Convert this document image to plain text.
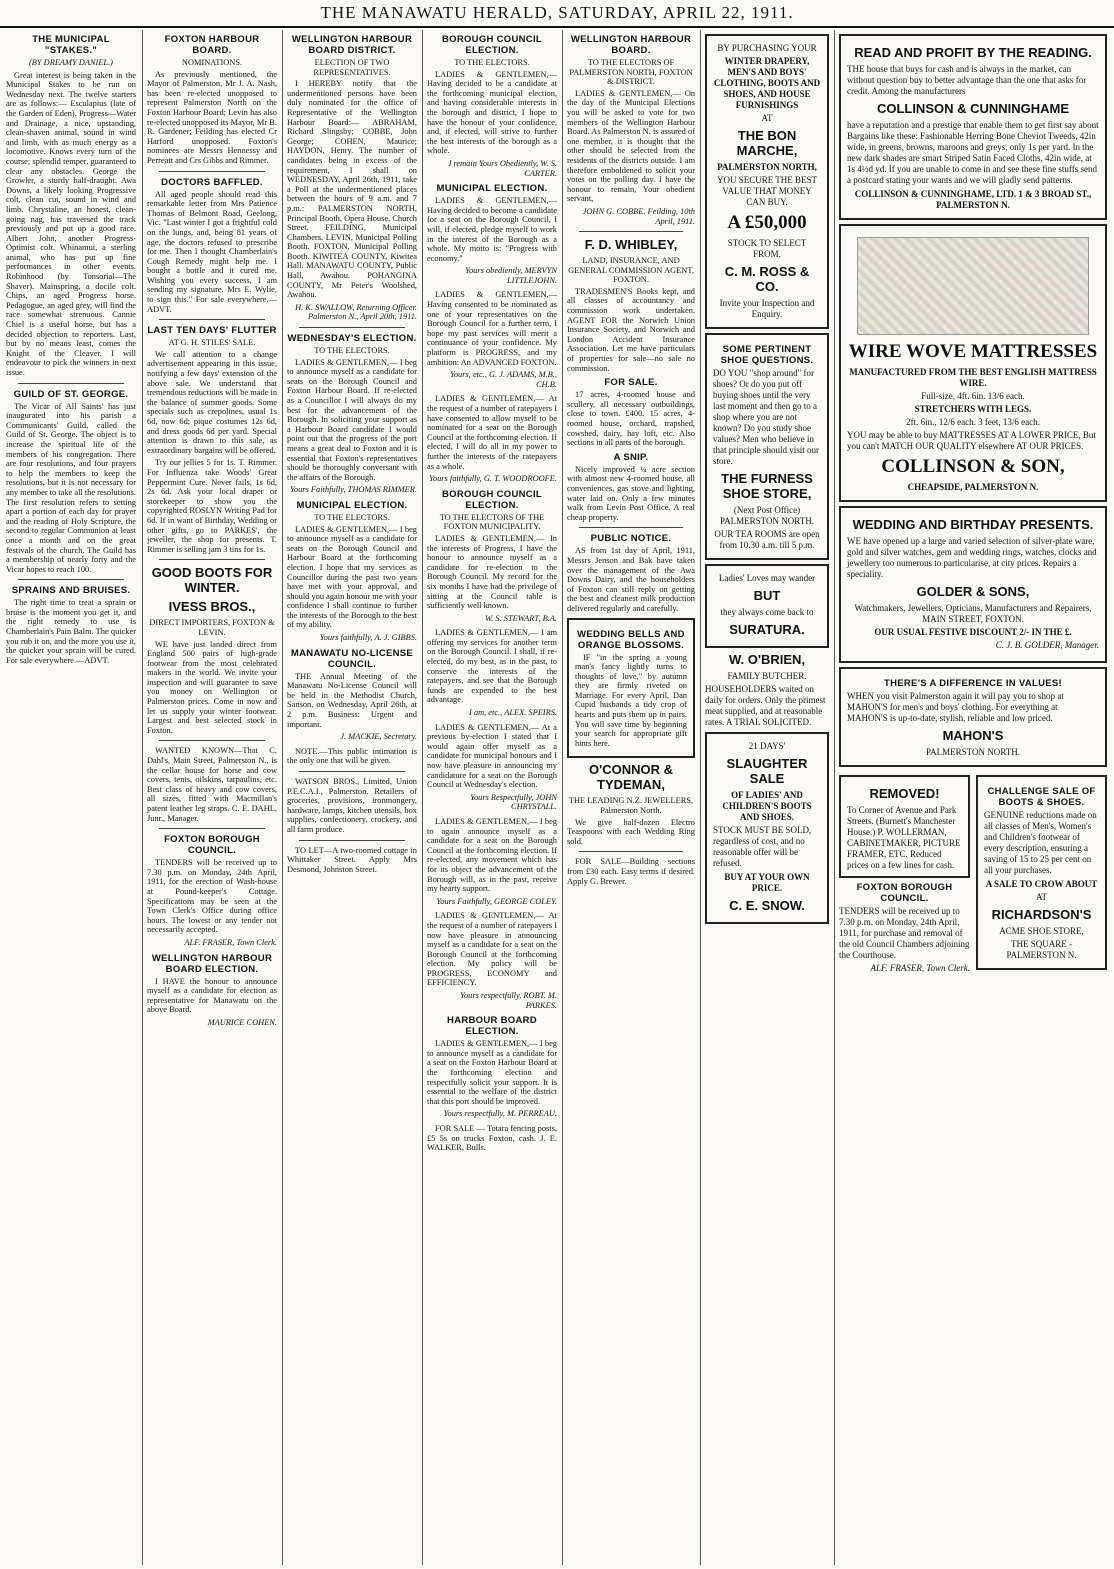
THE MANAWATU HERALD, SATURDAY, APRIL 22, 1911.
THE MUNICIPAL "STAKES."
(BY DREAMY DANIEL.)

Great interest is being taken in the Municipal Stakes to be run on Wednesday next. The twelve starters are as follows:— Esculapius (late of the Garden of Eden). Progress—Water and Drainage, a nice, upstanding, clean-shaven animal, sound in wind and limb, with as much energy as a locomotive. Knows every turn of the course; splendid temper, guaranteed to clear any obstacles. George the Growler, a sturdy half-draught. Awa Downs, a likely looking Progressive colt, clean cut, sound in wind and limb. Chrystaline, an honest, clean-going nag, has traversed the track previously and put up a good race. Albert John, another Progress-Optimist colt. Whinamui, a sterling animal, who has put up fine performances in other events. Robinhood (by Tonsorial—The Shaver). Mainspring, a docile colt. Chips, an aged Progress horse. Pedagogue, an aged grey, will find the race somewhat strenuous. Cannie Chiel is a useful horse, but has a decided objection to reporters. Last, but by no means least, comes the Knight of the Cleaver. I will endeavour to pick the winners in next issue.

GUILD OF ST. GEORGE.

The Vicar of All Saints' has just inaugurated into his parish a Communicants' Guild, called the Guild of St. George. The object is to increase the spiritual life of the members of his congregation. There are four resolutions, and four prayers to help the members to keep the resolutions, but it is not necessary for any member to take all the resolutions. The first resolution refers to setting apart a portion of each day for prayer and the reading of Holy Scripture, the second to regular Communion at least once a month and on the great festivals of the church. The Guild has a membership of nearly forty and the Vicar hopes to reach 100.

SPRAINS AND BRUISES.

The right time to treat a sprain or bruise is the moment you get it, and the right remedy to use is Chamberlain's Pain Balm. The quicker you rub it on, and the more you use it, the quicker your sprain will be cured. For sale everywhere.—ADVT.

FOXTON HARBOUR BOARD.
NOMINATIONS.

As previously mentioned, the Mayor of Palmerston, Mr J. A. Nash, has been re-elected unopposed to represent Palmerston North on the Foxton Harbour Board; Levin has also re-elected unopposed its Mayor, Mr B. R. Gardener; Feilding has elected Cr Harford unopposed. Foxton's nominees are Messrs Hennessy and Perreatt and Crs Gibbs and Rimmer.

DOCTORS BAFFLED.

All aged people should read this remarkable letter from Mrs Patience Thomas of Belmont Road, Geelong, Vic. "Last winter I got a frightful cold on the lungs, and, being 81 years of age, the doctors refused to prescribe for me. Then I thought Chamberlain's Cough Remedy might help me. I bought a bottle and it cured me. Wishing you every success, I am sending my signature. Mrs E. Wylie, to sign this." For sale everywhere.—ADVT.

LAST TEN DAYS' FLUTTER
AT G. H. STILES' SALE.

We call attention to a change advertisement appearing in this issue, notifying a few days' extension of the above sale. We understand that tremendous reductions will be made in the balance of summer goods. Some specials such as crepolines, usual 1s 6d, now 6d; pique costumes 12s 6d, and dress goods 6d per yard. Special attention is drawn to this sale, as extraordinary bargains will be offered.

Try our jellies 5 for 1s. T. Rimmer. For Influenza take Woods' Great Peppermint Cure. Never fails, 1s 6d, 2s 6d. Ask your local draper or storekeeper to show you the copyrighted ROSLYN Writing Pad for 6d. If in want of Birthday, Wedding or other gifts, go to PARKES', the jeweller, the shop for presents. T. Rimmer is selling jam 3 tins for 1s.

GOOD BOOTS FOR WINTER.
IVESS BROS.,
DIRECT IMPORTERS, FOXTON & LEVIN.

WE have just landed direct from England 500 pairs of high-grade footwear from the most celebrated makers in the world. We invite your inspection and will guarantee to save you money on Wellington or Palmerston prices. Come in now and let us supply your winter footwear. Largest and best selected stock in Foxton.

WANTED KNOWN—That C. Dahl's, Main Street, Palmerston N., is the cellar house for horse and cow covers, tents, oilskins, tarpaulins, etc. Best class of heavy and cow covers, all sizes, fitted with Macmillan's patent leather leg straps. C. E. DAHL, Junr., Manager.

FOXTON BOROUGH COUNCIL.

TENDERS will be received up to 7.30 p.m. on Monday, 24th April, 1911, for the erection of Wash-house at Pound-keeper's Cottage. Specifications may be seen at the Town Clerk's Office during office hours. The lowest or any tender not necessarily accepted.

ALF. FRASER, Town Clerk.
WELLINGTON HARBOUR BOARD ELECTION.

I HAVE the honour to announce myself as a candidate for election as representative for Manawatu on the above Board.

MAURICE COHEN.
WELLINGTON HARBOUR BOARD DISTRICT.
ELECTION OF TWO REPRESENTATIVES.

I HEREBY notify that the undermentioned persons have been duly nominated for the office of Representative of the Wellington Harbour Board:— ABRAHAM, Richard Slingsby; COBBE, John George; COHEN, Maurice; HAYDON, Henry. The number of candidates being in excess of the requirement, I shall on WEDNESDAY, April 26th, 1911, take a Poll at the undermentioned places between the hours of 9 a.m. and 7 p.m.: PALMERSTON NORTH, Principal Booth, Opera House, Church Street. FEILDING, Municipal Chambers. LEVIN, Municipal Polling Booth. FOXTON, Municipal Polling Booth. KIWITEA COUNTY, Kiwitea Hall. MANAWATU COUNTY, Public Hall, Awahou. POHANGINA COUNTY, Mr Peter's Woolshed, Awahou.

H. K. SWALLOW, Returning Officer. Palmerston N., April 20th, 1911.
WEDNESDAY'S ELECTION.
TO THE ELECTORS.

LADIES & GENTLEMEN,— I beg to announce myself as a candidate for seats on the Borough Council and Foxton Harbour Board. If re-elected as a Councillor I will always do my best for the advancement of the Borough. In soliciting your support as a Harbour Board candidate I would point out that the progress of the port means a great deal to Foxton and it is essential that Foxton's representatives should be thoroughly conversant with the affairs of the Borough.

Yours Faithfully, THOMAS RIMMER.
MUNICIPAL ELECTION.
TO THE ELECTORS.

LADIES & GENTLEMEN,— I beg to announce myself as a candidate for seats on the Borough Council and Harbour Board at the forthcoming election. I hope that my services as Councillor during the past two years have met with your approval, and should you again honour me with your confidence I shall continue to further the interests of the Borough to the best of my ability.

Yours faithfully, A. J. GIBBS.
MANAWATU NO-LICENSE COUNCIL.

THE Annual Meeting of the Manawatu No-License Council will be held in the Methodist Church, Sanson, on Wednesday, April 26th, at 2 p.m. Business: Urgent and important.

J. MACKIE, Secretary.

NOTE.—This public intimation is the only one that will be given.

WATSON BROS., Limited, Union P.E.C.A.I., Palmerston. Retailers of groceries, provisions, ironmongery, hardware, lamps, kitchen utensils, box supplies, confectionery, crockery, and all farm produce.

TO LET—A two-roomed cottage in Whittaker Street. Apply Mrs Desmond, Johnston Street.

BOROUGH COUNCIL ELECTION.
TO THE ELECTORS.

LADIES & GENTLEMEN,— Having decided to be a candidate at the forthcoming municipal election, and having considerable interests in the borough and district, I hope to have the honour of your confidence, and, if elected, will strive to further the best interests of the borough as a whole.

I remain Yours Obediently, W. S. CARTER.
MUNICIPAL ELECTION.

LADIES & GENTLEMEN,— Having decided to become a candidate for a seat on the Borough Council, I will, if elected, pledge myself to work in the interest of the Borough as a whole. My motto is: "Progress with economy."

Yours obediently, MERVYN LITTLEJOHN.

LADIES & GENTLEMEN,— Having consented to be nominated as one of your representatives on the Borough Council for a further term, I hope my past services will merit a continuance of your confidence. My platform is PROGRESS, and my ambition: An ADVANCED FOXTON.

Yours, etc., G. J. ADAMS, M.B., CH.B.

LADIES & GENTLEMEN,— At the request of a number of ratepayers I have consented to allow myself to be nominated for a seat on the Borough Council at the forthcoming election. If elected, I will do all in my power to further the interests of the ratepayers as a whole.

Yours faithfully, G. T. WOODROOFE.
BOROUGH COUNCIL ELECTION.
TO THE ELECTORS OF THE FOXTON MUNICIPALITY.

LADIES & GENTLEMEN,— In the interests of Progress, I have the honour to announce myself as a candidate for re-election to the Borough Council. My record for the six months I have had the privilege of sitting at the Council table is sufficiently well known.

W. S. STEWART, B.A.

LADIES & GENTLEMEN,— I am offering my services for another term on the Borough Council. I shall, if re-elected, do my best, as in the past, to conserve the interests of the ratepayers, and see that the Borough funds are expended to the best advantage.

I am, etc., ALEX. SPEIRS.

LADIES & GENTLEMEN,— At a previous by-election I stated that I would again offer myself as a candidate for municipal honours and I now have pleasure in announcing my candidature for a seat on the Borough Council at Wednesday's election.

Yours Respectfully, JOHN CHRYSTALL.

LADIES & GENTLEMEN,— I beg to again announce myself as a candidate for a seat on the Borough Council at the forthcoming election. If re-elected, any movement which has for its object the advancement of the Borough will, as in the past, receive my hearty support.

Yours Faithfully, GEORGE COLEY.

LADIES & GENTLEMEN,— At the request of a number of ratepayers I now have pleasure in announcing myself as a candidate for a seat on the Borough Council at the forthcoming election. My policy will be PROGRESS, ECONOMY and EFFICIENCY.

Yours respectfully, ROBT. M. PARKES.
HARBOUR BOARD ELECTION.

LADIES & GENTLEMEN,— I beg to announce myself as a candidate for a seat on the Foxton Harbour Board at the forthcoming election and respectfully solicit your support. It is essential to the welfare of the district that this port should be improved.

Yours respectfully, M. PERREAU.

FOR SALE — Totara fencing posts, £5 5s on trucks Foxton, cash. J. E. WALKER, Bulls.

WELLINGTON HARBOUR BOARD.
TO THE ELECTORS OF PALMERSTON NORTH, FOXTON & DISTRICT.

LADIES & GENTLEMEN,— On the day of the Municipal Elections you will be asked to vote for two members of the Wellington Harbour Board. As Palmerston N. is assured of one member, it is thought that the other should be selected from the residents of the districts outside. I am therefore emboldened to solicit your votes on the polling day. I have the honour to remain, Your obedient servant,

JOHN G. COBBE. Feilding, 10th April, 1911.
F. D. WHIBLEY,
LAND, INSURANCE, AND GENERAL COMMISSION AGENT, FOXTON.

TRADESMEN'S Books kept, and all classes of accountancy and commission work undertaken. AGENT FOR the Norwich Union Insurance Society, and Norwich and London Accident Insurance Association. Let me have particulars of properties for sale—no sale no commission.

FOR SALE.

17 acres, 4-roomed house and scullery, all necessary outbuildings, close to town. £400. 15 acres, 4-roomed house, orchard, trapshed, cowshed, dairy, hay loft, etc. Also sections in all parts of the borough.

A SNIP.

Nicely improved ¼ acre section with almost new 4-roomed house, all conveniences, gas stove and lighting, water laid on. Only a few minutes walk from Levin Post Office. A real cheap property.

PUBLIC NOTICE.

AS from 1st day of April, 1911, Messrs Jenson and Bak have taken over the management of the Awa Downs Dairy, and the householders of Foxton can still reply on getting the best and cleanest milk production delivered regularly and carefully.

WEDDING BELLS AND ORANGE BLOSSOMS.

IF "in the spring a young man's fancy lightly turns to thoughts of love," by autumn they are firmly riveted on Marriage. For every April, Dan Cupid husbands a tidy crop of hearts and puts them up in pairs. You will save time by beginning your search for appropriate gift hints here.

O'CONNOR & TYDEMAN,
THE LEADING N.Z. JEWELLERS, Palmerston North.

We give half-dozen Electro Teaspoons with each Wedding Ring sold.

FOR SALE—Building sections from £30 each. Easy terms if desired. Apply G. Brewer.

BY PURCHASING YOUR
WINTER DRAPERY, MEN'S AND BOYS' CLOTHING, BOOTS AND SHOES, AND HOUSE FURNISHINGS
AT
THE BON MARCHE,
PALMERSTON NORTH,
YOU SECURE THE BEST VALUE THAT MONEY CAN BUY.
A £50,000
STOCK TO SELECT FROM.
C. M. ROSS & CO.
Invite your Inspection and Enquiry.
SOME PERTINENT SHOE QUESTIONS.

DO YOU "shop around" for shoes? Or do you put off buying shoes until the very last moment and then go to a shop where you are not known? Do you study shoe values? Men who believe in that principle should visit our store.

THE FURNESS SHOE STORE,
(Next Post Office) PALMERSTON NORTH.
OUR TEA ROOMS are open from 10.30 a.m. till 5 p.m.
Ladies' Loves may wander
BUT
they always come back to
SURATURA.
W. O'BRIEN,
FAMILY BUTCHER.

HOUSEHOLDERS waited on daily for orders. Only the primest meat supplied, and at reasonable rates. A TRIAL SOLICITED.

21 DAYS'
SLAUGHTER SALE
OF LADIES' AND CHILDREN'S BOOTS AND SHOES.

STOCK MUST BE SOLD, regardless of cost, and no reasonable offer will be refused.

BUY AT YOUR OWN PRICE.
C. E. SNOW.
READ AND PROFIT BY THE READING.

THE house that buys for cash and is always in the market, can without question buy to better advantage than the one that asks for credit. Among the manufacturers

COLLINSON & CUNNINGHAME

have a reputation and a prestige that enable them to get first say about Bargains like these: Fashionable Herring Bone Cheviot Tweeds, 42in wide, in greens, browns, maroons and greys, only 1s per yard. In the new dark shades are smart Striped Satin Faced Cloths, 42in wide, at 1s 4½d yd. If you are unable to come in and see these fine stuffs send a postcard stating your wants and we will gladly send patterns.

COLLINSON & CUNNINGHAME, LTD. 1 & 3 BROAD ST., PALMERSTON N.
WIRE WOVE MATTRESSES
MANUFACTURED FROM THE BEST ENGLISH MATTRESS WIRE.
Full-size, 4ft. 6in. 13/6 each.
STRETCHERS WITH LEGS.
2ft. 6in., 12/6 each. 3 feet, 13/6 each.

YOU may be able to buy MATTRESSES AT A LOWER PRICE, But you can't MATCH OUR QUALITY elsewhere AT OUR PRICES.

COLLINSON & SON,
CHEAPSIDE, PALMERSTON N.
WEDDING AND BIRTHDAY PRESENTS.

WE have opened up a large and varied selection of silver-plate ware, gold and silver watches, gem and wedding rings, watches, clocks and jewellery too numerous to particularise, at city prices. Repairs a speciality.

GOLDER & SONS,
Watchmakers, Jewellers, Opticians, Manufacturers and Repairers, MAIN STREET, FOXTON.
OUR USUAL FESTIVE DISCOUNT 2/- IN THE £.
C. J. B. GOLDER, Manager.
THERE'S A DIFFERENCE IN VALUES!

WHEN you visit Palmerston again it will pay you to shop at MAHON'S for men's and boys' clothing. For everything at MAHON'S is up-to-date, stylish, reliable and low priced.

MAHON'S
PALMERSTON NORTH.
REMOVED!

To Corner of Avenue and Park Streets. (Burnett's Manchester House.) P. WOLLERMAN, CABINETMAKER, PICTURE FRAMER, ETC. Reduced prices on a few lines for cash.

FOXTON BOROUGH COUNCIL.

TENDERS will be received up to 7.30 p.m. on Monday, 24th April, 1911, for purchase and removal of the old Council Chambers adjoining the Courthouse.

ALF. FRASER, Town Clerk.
CHALLENGE SALE OF BOOTS & SHOES.

GENUINE reductions made on all classes of Men's, Women's and Children's footwear of every description, ensuring a saving of 15 to 25 per cent on all your purchases.

A SALE TO CROW ABOUT
AT
RICHARDSON'S
ACME SHOE STORE,
THE SQUARE - PALMERSTON N.
